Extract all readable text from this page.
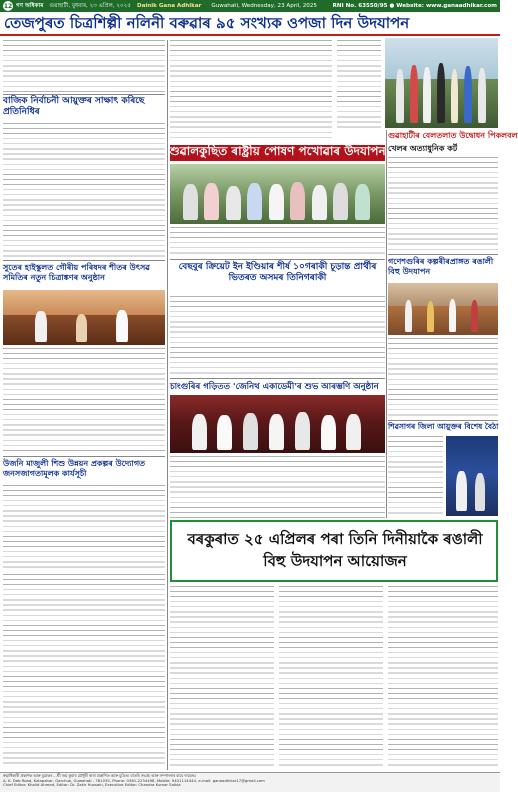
12 গণ অধিকাৰ গুৱাহাটী, বুধবাৰ, ২৩ এপ্ৰিল, ২০২৫ Dainik Gana Adhikar Guwahati, Wednesday, 23 April, 2025	RNI No. 63550/95 ● Website: www.ganaadhikar.com
তেজপুৰত চিত্ৰশিল্পী নলিনী বৰুৱাৰ ৯৫ সংখ্যক ওপজা দিন উদযাপন
গুৱাহাটীৰ বেলতলাত উদ্বোধন পিকলবল
খেলৰ অত্যাধুনিক কৰ্ট
বাজিক নিৰ্বাচনী আয়ুক্তৰ সাক্ষাৎ কৰিছে প্ৰতিনিধিৰ
শুৱালকুছিত ৰাষ্ট্ৰীয় পোষণ পখোৱাৰ উদযাপন
বেছবুৰ ক্ৰিয়েট ইন ইণ্ডিয়াৰ শীৰ্ষ ১০গৰাকী চূড়ান্ত প্ৰাৰ্থীৰ ভিতৰত অসমৰ তিনিগৰাকী
সুতেৰ হাইস্কুলত গৌৰীয় পৰিষদৰ শীতৰ উৎসৱ সমিতিৰ নতুন চিত্ৰাঙ্কণৰ অনুষ্ঠান
গণেশগুৰিৰ কল্পৰীৰপ্ৰাঙ্গত ৰঙালী বিহু উদযাপন
চাংগুৰিৰ গড়িতত 'জেনিথ একাডেমী'ৰ শুভ আৰম্ভণি অনুষ্ঠান
শিৱসাগৰ জিলা আয়ুক্তৰ বিশেষ বৈঠা
উজনি মাজুলী শিশু উন্নয়ন প্ৰকল্পৰ উদ্যোগত জনসজাগতামূলক কাৰ্যসূচী
বৰকুৰাত ২৫ এপ্ৰিলৰ পৰা তিনি দিনীয়াকৈ ৰঙালী বিহু উদযাপন আয়োজন
স্বত্বাধিকাৰী প্ৰকাশক আৰু মুদ্ৰাকৰ – শ্ৰী জয় কুমাৰ চৌধুৰী দ্বাৰা প্ৰকাশিত আৰু মুদ্ৰিত। বাতৰি সংগ্ৰহ আৰু সম্পাদনাৰ বাবে দায়বদ্ধ।
A. K. Deb Road, Kalapahar, Garchuk, Guwahati - 781035, Phone: 0361-2234498, Mobile: 9401114444, e-mail: ganaadhikar17@gmail.com
Chief Editor: Khalid Ahmed, Editor: Dr. Zakir Hussain, Executive Editor: Chandra Kumar Saikia
